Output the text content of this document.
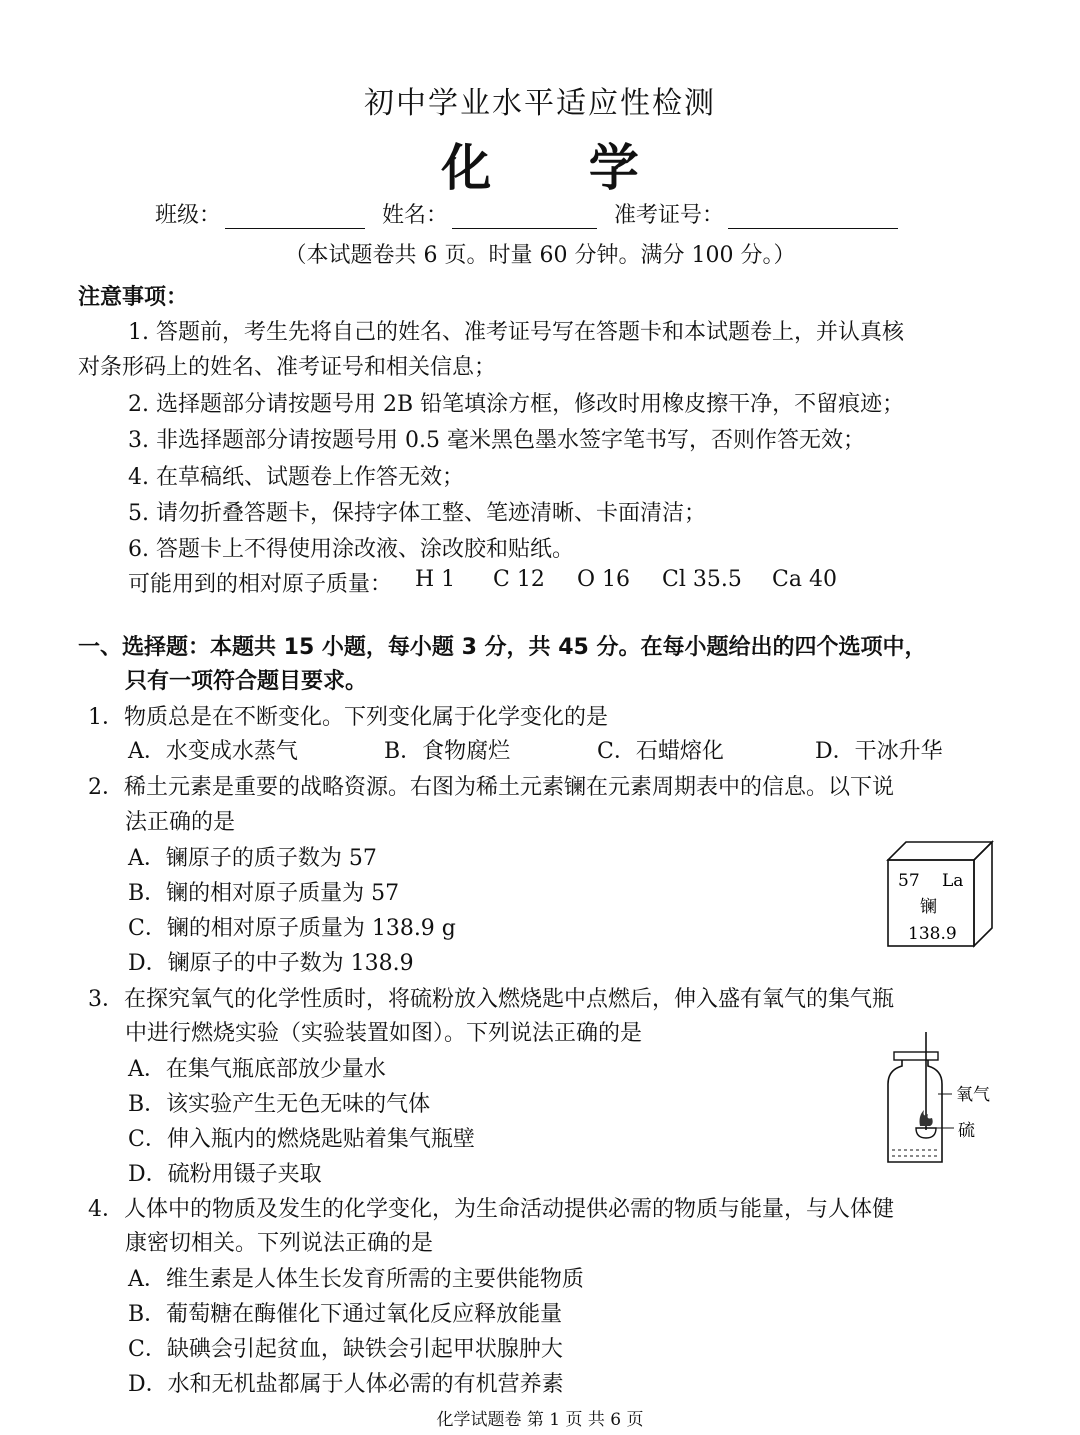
初中学业水平适应性检测
化 学
班级：	姓名：	准考证号：
（本试题卷共 6 页。时量 60 分钟。满分 100 分。）
注意事项：
1. 答题前，考生先将自己的姓名、准考证号写在答题卡和本试题卷上，并认真核
对条形码上的姓名、准考证号和相关信息；
2. 选择题部分请按题号用 2B 铅笔填涂方框，修改时用橡皮擦干净，不留痕迹；
3. 非选择题部分请按题号用 0.5 毫米黑色墨水签字笔书写，否则作答无效；
4. 在草稿纸、试题卷上作答无效；
5. 请勿折叠答题卡，保持字体工整、笔迹清晰、卡面清洁；
6. 答题卡上不得使用涂改液、涂改胶和贴纸。
可能用到的相对原子质量： H 1 C 12 O 16 Cl 35.5 Ca 40
一、选择题：本题共 15 小题，每小题 3 分，共 45 分。在每小题给出的四个选项中，
只有一项符合题目要求。
1．物质总是在不断变化。下列变化属于化学变化的是
A．水变成水蒸气	B．食物腐烂	C．石蜡熔化	D．干冰升华
2．稀土元素是重要的战略资源。右图为稀土元素镧在元素周期表中的信息。以下说
法正确的是
A．镧原子的质子数为 57
B．镧的相对原子质量为 57
C．镧的相对原子质量为 138.9 g
D．镧原子的中子数为 138.9
57 La
镧
138.9
3．在探究氧气的化学性质时，将硫粉放入燃烧匙中点燃后，伸入盛有氧气的集气瓶
中进行燃烧实验（实验装置如图）。下列说法正确的是
A．在集气瓶底部放少量水
B．该实验产生无色无味的气体
C．伸入瓶内的燃烧匙贴着集气瓶壁
D．硫粉用镊子夹取
氧气
硫
4．人体中的物质及发生的化学变化，为生命活动提供必需的物质与能量，与人体健
康密切相关。下列说法正确的是
A．维生素是人体生长发育所需的主要供能物质
B．葡萄糖在酶催化下通过氧化反应释放能量
C．缺碘会引起贫血，缺铁会引起甲状腺肿大
D．水和无机盐都属于人体必需的有机营养素
化学试题卷 第 1 页 共 6 页
